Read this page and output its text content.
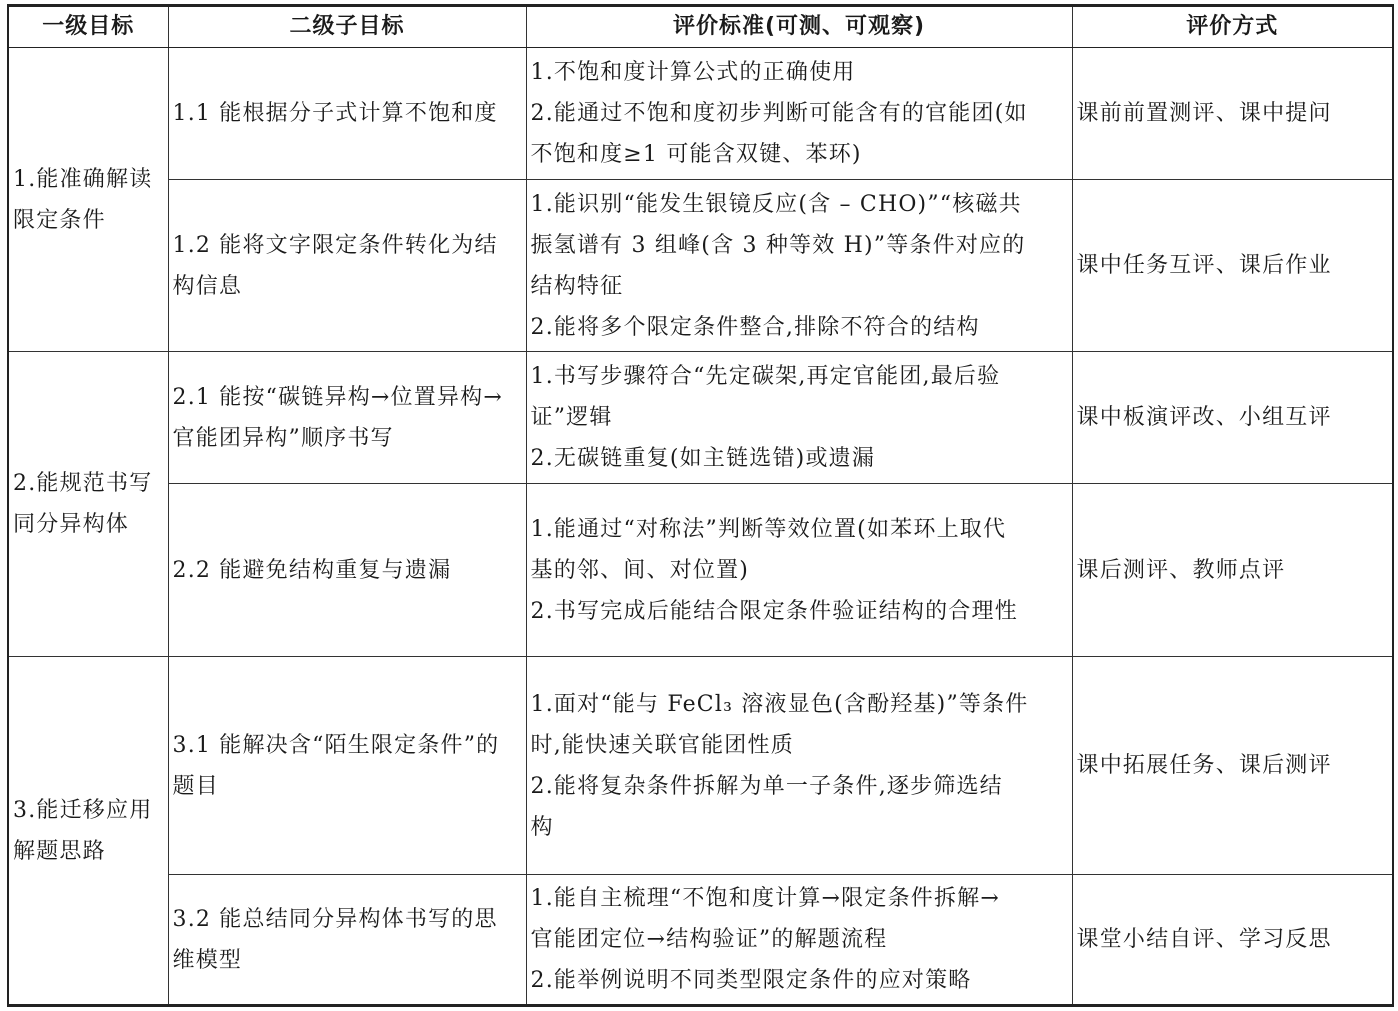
一级目标	二级子目标	评价标准(可测、可观察)	评价方式

1.能准确解读
限定条件	1.1 能根据分子式计算不饱和度	1.不饱和度计算公式的正确使用
2.能通过不饱和度初步判断可能含有的官能团(如
不饱和度≥1 可能含双键、苯环)	课前前置测评、课中提问

	1.2 能将文字限定条件转化为结
构信息	1.能识别“能发生银镜反应(含 – CHO)”“核磁共
振氢谱有 3 组峰(含 3 种等效 H)”等条件对应的
结构特征
2.能将多个限定条件整合,排除不符合的结构	课中任务互评、课后作业

2.能规范书写
同分异构体	2.1 能按“碳链异构→位置异构→
官能团异构”顺序书写	1.书写步骤符合“先定碳架,再定官能团,最后验
证”逻辑
2.无碳链重复(如主链选错)或遗漏	课中板演评改、小组互评

	2.2 能避免结构重复与遗漏	1.能通过“对称法”判断等效位置(如苯环上取代
基的邻、间、对位置)
2.书写完成后能结合限定条件验证结构的合理性	课后测评、教师点评

3.能迁移应用
解题思路	3.1 能解决含“陌生限定条件”的
题目	1.面对“能与 FeCl₃ 溶液显色(含酚羟基)”等条件
时,能快速关联官能团性质
2.能将复杂条件拆解为单一子条件,逐步筛选结
构	课中拓展任务、课后测评

	3.2 能总结同分异构体书写的思
维模型	1.能自主梳理“不饱和度计算→限定条件拆解→
官能团定位→结构验证”的解题流程
2.能举例说明不同类型限定条件的应对策略	课堂小结自评、学习反思
